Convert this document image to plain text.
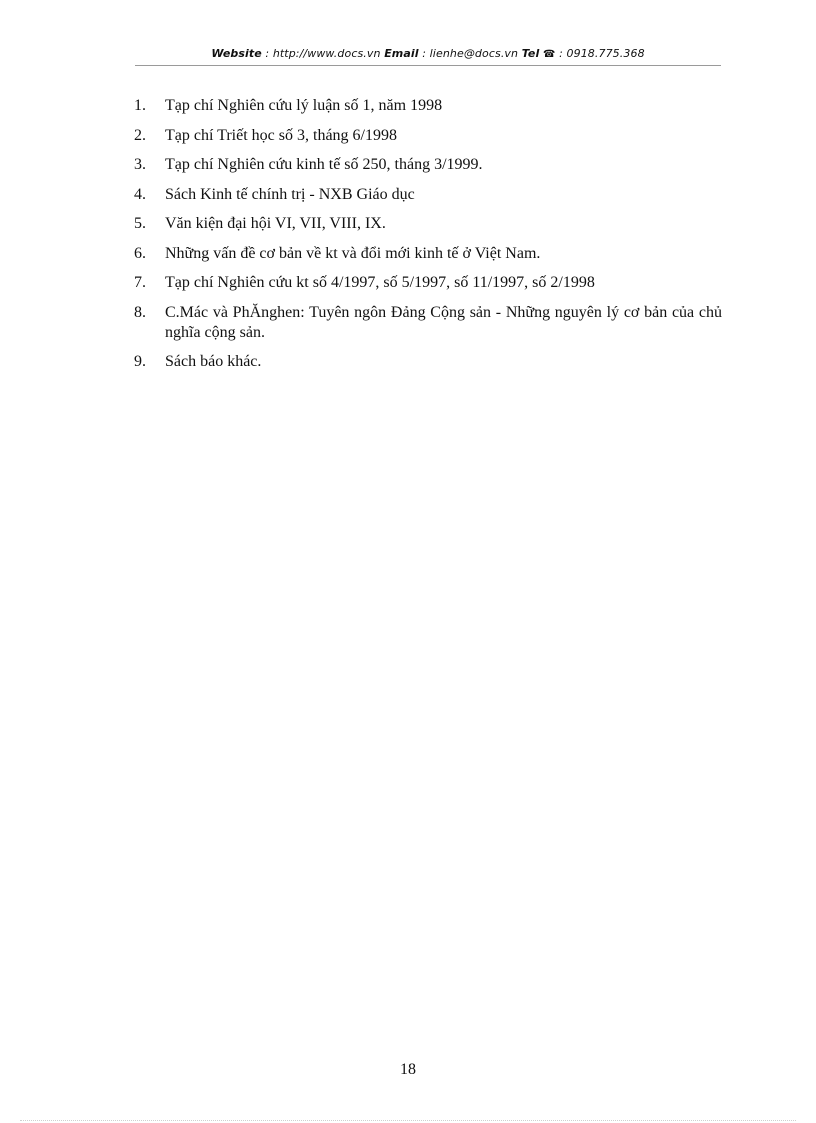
Website : http://www.docs.vn Email : lienhe@docs.vn Tel ☎ : 0918.775.368
1. Tạp chí Nghiên cứu lý luận số 1, năm 1998
2. Tạp chí Triết học số 3, tháng 6/1998
3. Tạp chí Nghiên cứu kinh tế số 250, tháng 3/1999.
4. Sách Kinh tế chính trị - NXB Giáo dục
5. Văn kiện đại hội VI, VII, VIII, IX.
6. Những vấn đề cơ bản về kt và đổi mới kinh tế ở Việt Nam.
7. Tạp chí Nghiên cứu kt số 4/1997, số 5/1997, số 11/1997, số 2/1998
8. C.Mác và PhĂnghen: Tuyên ngôn Đảng Cộng sản - Những nguyên lý cơ bản của chủ nghĩa cộng sản.
9. Sách báo khác.
18
